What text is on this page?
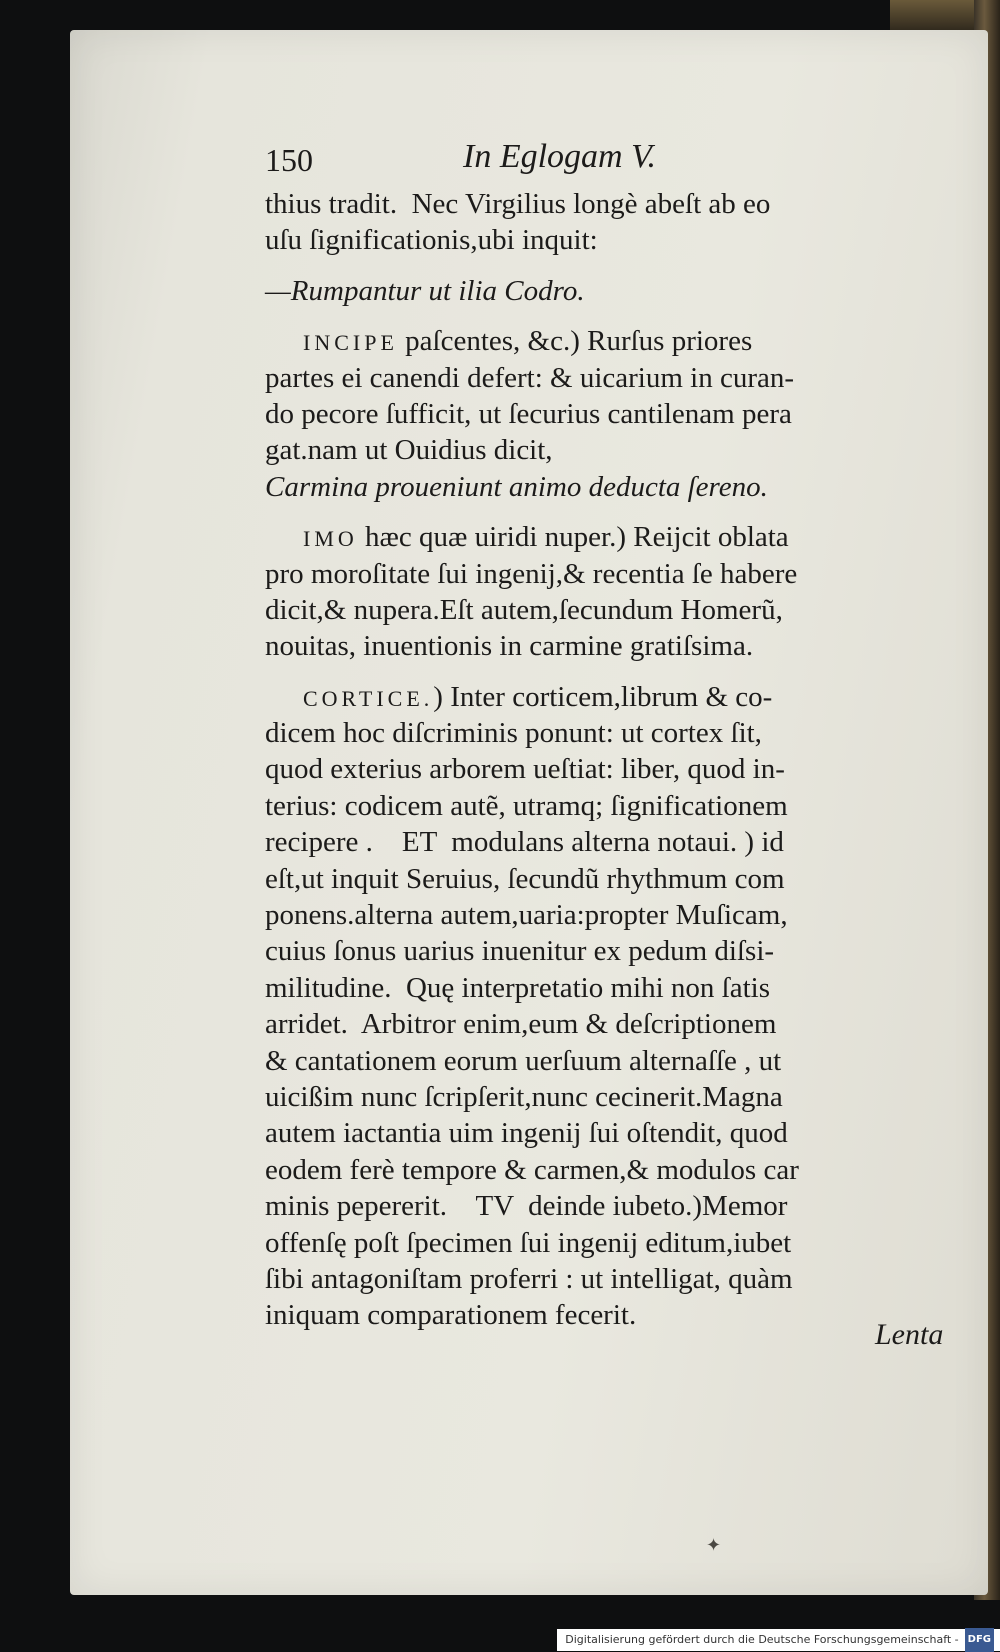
150	In Eglogam V.
thius tradit.  Nec Virgilius longè abeſt ab eo
uſu ſignificationis,ubi inquit:
—Rumpantur ut ilia Codro.
INCIPE paſcentes, &c.) Rurſus priores
partes ei canendi defert: & uicarium in curan-
do pecore ſufficit, ut ſecurius cantilenam pera
gat.nam ut Ouidius dicit,
Carmina proueniunt animo deducta ſereno.
IMO hæc quæ uiridi nuper.) Reijcit oblata
pro moroſitate ſui ingenij,& recentia ſe habere
dicit,& nupera.Eſt autem,ſecundum Homerũ,
nouitas, inuentionis in carmine gratiſsima.
CORTICE.) Inter corticem,librum & co-
dicem hoc diſcriminis ponunt: ut cortex ſit,
quod exterius arborem ueſtiat: liber, quod in-
terius: codicem autẽ, utramq; ſignificationem
recipere .    ET  modulans alterna notaui. ) id
eſt,ut inquit Seruius, ſecundũ rhythmum com
ponens.alterna autem,uaria:propter Muſicam,
cuius ſonus uarius inuenitur ex pedum diſsi-
militudine.  Quę interpretatio mihi non ſatis
arridet.  Arbitror enim,eum & deſcriptionem
& cantationem eorum uerſuum alternaſſe , ut
uicißim nunc ſcripſerit,nunc cecinerit.Magna
autem iactantia uim ingenij ſui oſtendit, quod
eodem ferè tempore & carmen,& modulos car
minis pepererit.    TV  deinde iubeto.)Memor
offenſę poſt ſpecimen ſui ingenij editum,iubet
ſibi antagoniſtam proferri : ut intelligat, quàm
iniquam comparationem fecerit.
Lenta
✦
Digitalisierung gefördert durch die Deutsche Forschungsgemeinschaft - DFG
